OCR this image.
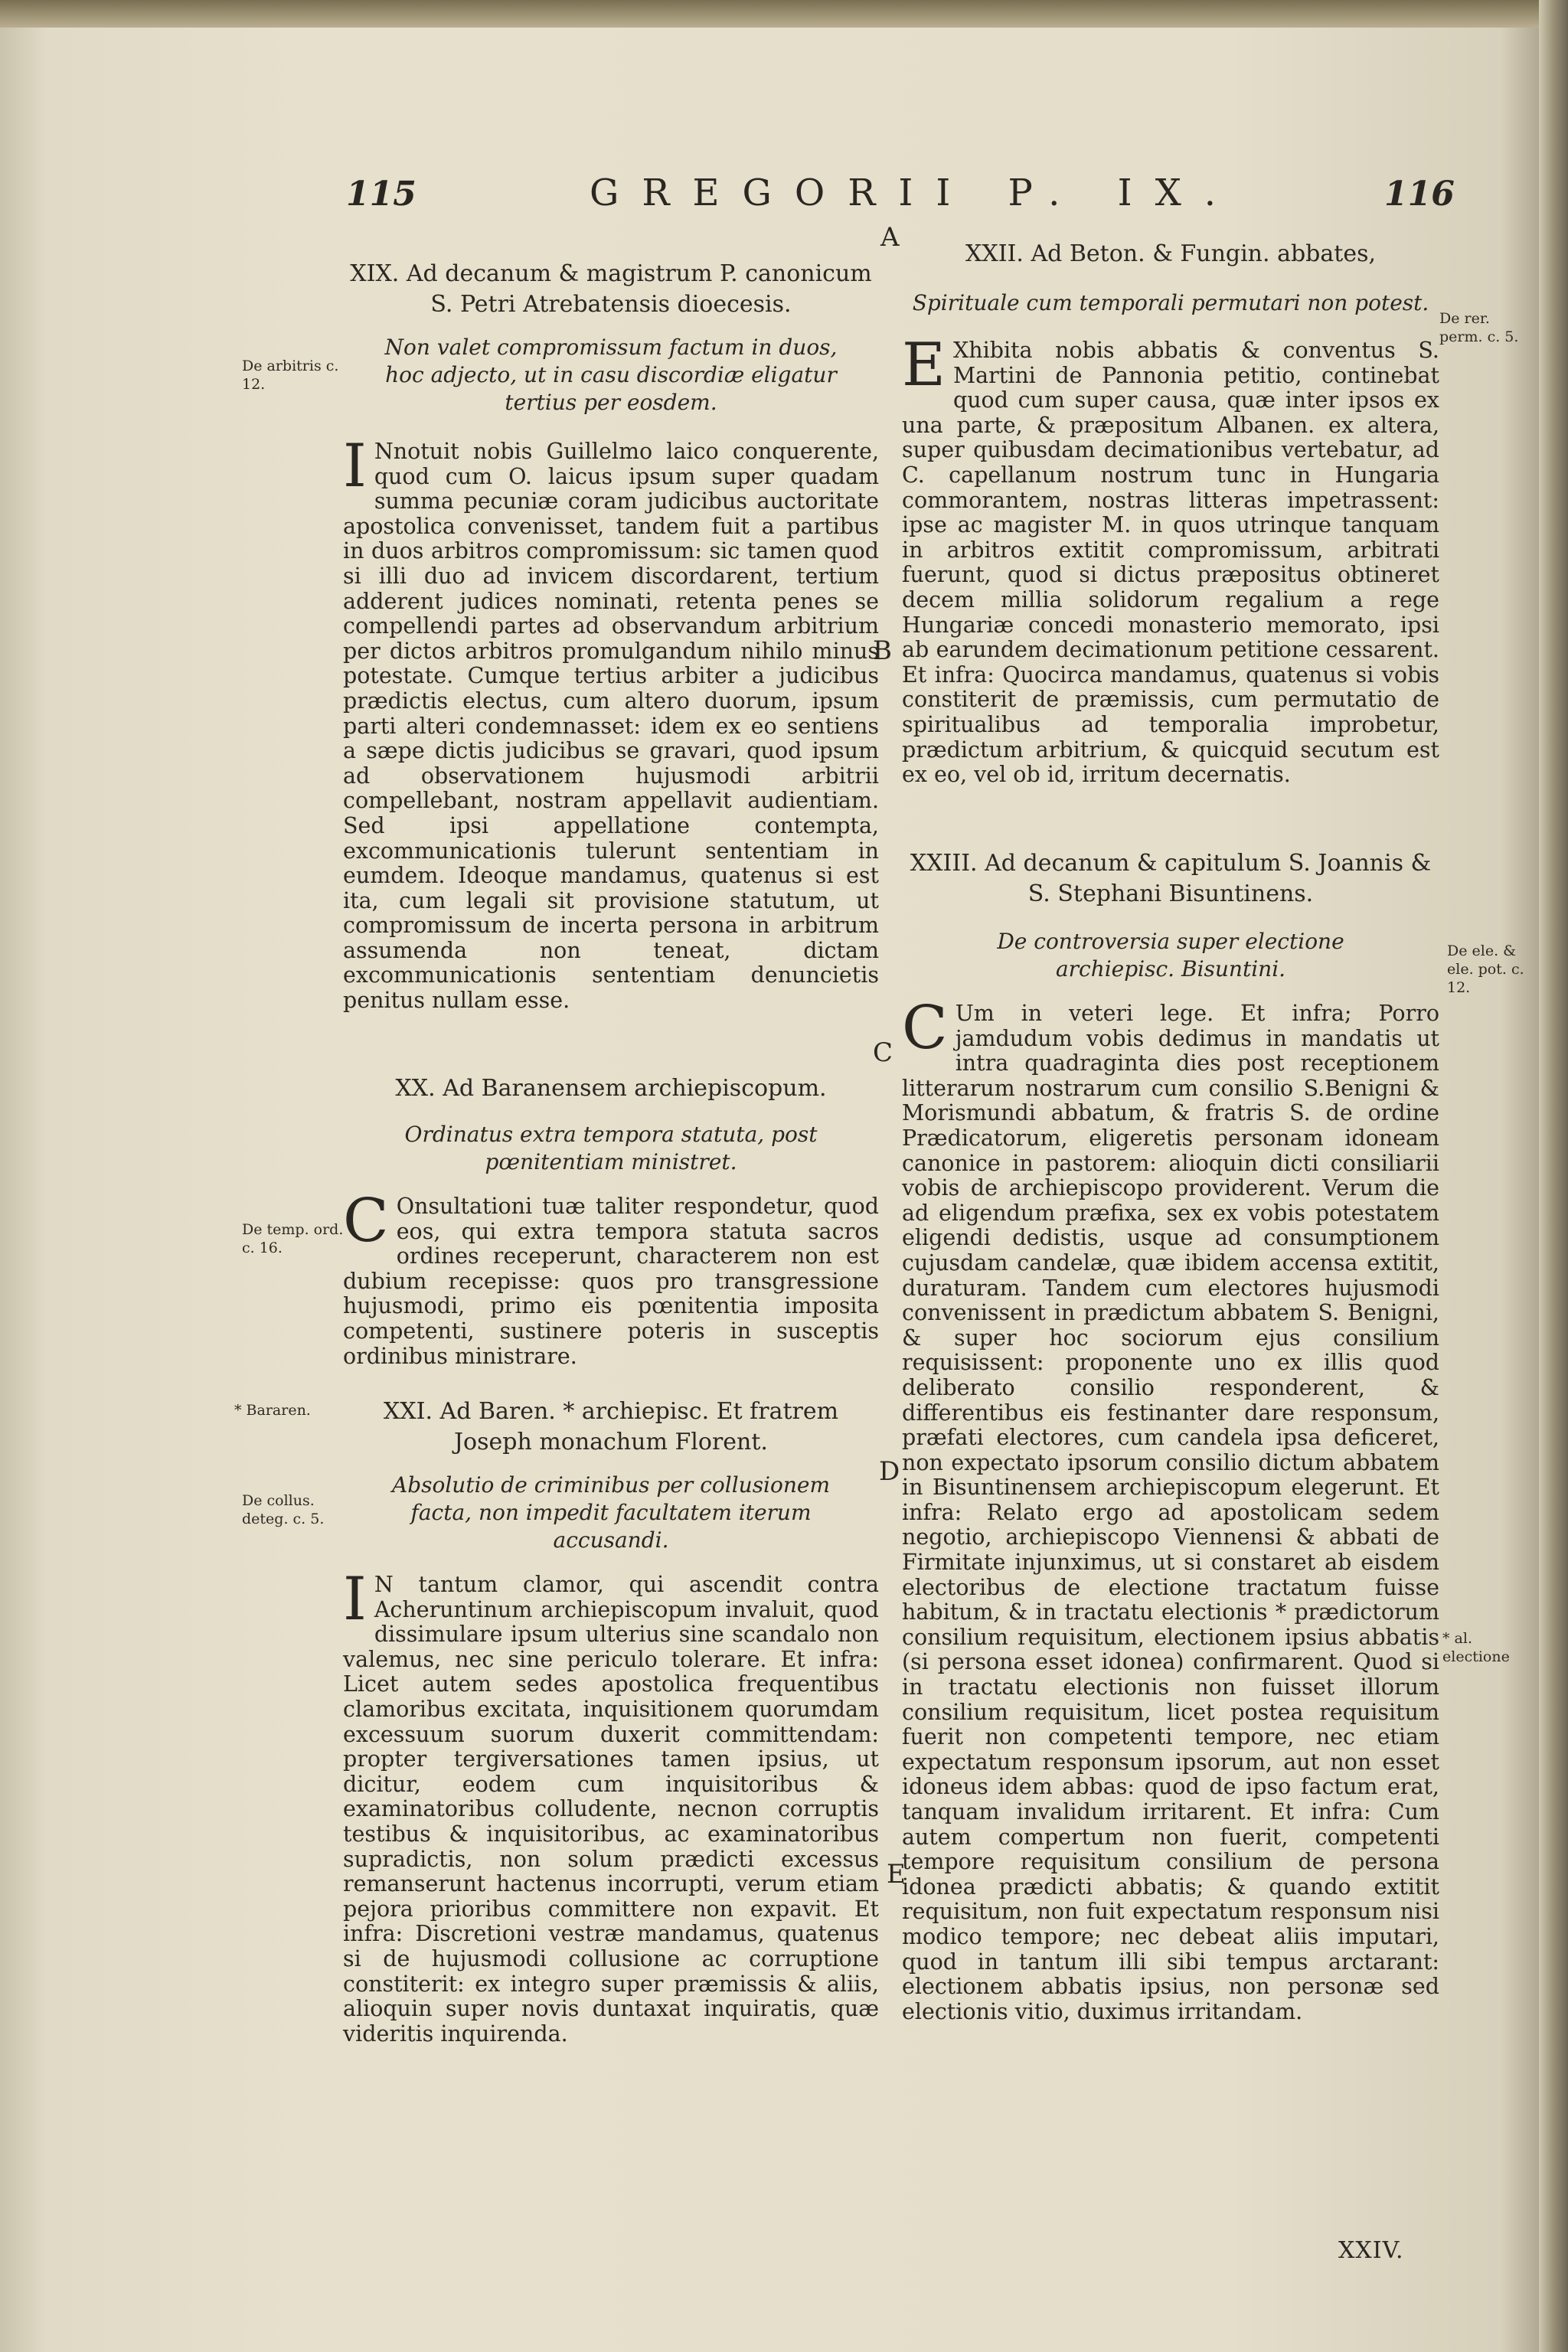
115	GREGORII P. IX.	116
A
B
C
D
E
De arbitris c. 12.
De temp. ord. c. 16.
* Bararen.
De collus. deteg. c. 5.
De rer. perm. c. 5.
De ele. & ele. pot. c. 12.
* al. electione

XIX. Ad decanum & magistrum P. canonicum S. Petri Atrebatensis dioecesis.

Non valet compromissum factum in duos, hoc adjecto, ut in casu discordiæ eligatur tertius per eosdem.

I Nnotuit nobis Guillelmo laico conquerente, quod cum O. laicus ipsum super quadam summa pecuniæ coram judicibus auctoritate apostolica convenisset, tandem fuit a partibus in duos arbitros compromissum: sic tamen quod si illi duo ad invicem discordarent, tertium adderent judices nominati, retenta penes se compellendi partes ad observandum arbitrium per dictos arbitros promulgandum nihilo minus potestate. Cumque tertius arbiter a judicibus prædictis electus, cum altero duorum, ipsum parti alteri condemnasset: idem ex eo sentiens a sæpe dictis judicibus se gravari, quod ipsum ad observationem hujusmodi arbitrii compellebant, nostram appellavit audientiam. Sed ipsi appellatione contempta, excommunicationis tulerunt sententiam in eumdem. Ideoque mandamus, quatenus si est ita, cum legali sit provisione statutum, ut compromissum de incerta persona in arbitrum assumenda non teneat, dictam excommunicationis sententiam denuncietis penitus nullam esse.

XX. Ad Baranensem archiepiscopum.

Ordinatus extra tempora statuta, post pœnitentiam ministret.

C Onsultationi tuæ taliter respondetur, quod eos, qui extra tempora statuta sacros ordines receperunt, characterem non est dubium recepisse: quos pro transgressione hujusmodi, primo eis pœnitentia imposita competenti, sustinere poteris in susceptis ordinibus ministrare.

XXI. Ad Baren. * archiepisc. Et fratrem Joseph monachum Florent.

Absolutio de criminibus per collusionem facta, non impedit facultatem iterum accusandi.

I N tantum clamor, qui ascendit contra Acheruntinum archiepiscopum invaluit, quod dissimulare ipsum ulterius sine scandalo non valemus, nec sine periculo tolerare. Et infra: Licet autem sedes apostolica frequentibus clamoribus excitata, inquisitionem quorumdam excessuum suorum duxerit committendam: propter tergiversationes tamen ipsius, ut dicitur, eodem cum inquisitoribus & examinatoribus colludente, necnon corruptis testibus & inquisitoribus, ac examinatoribus supradictis, non solum prædicti excessus remanserunt hactenus incorrupti, verum etiam pejora prioribus committere non expavit. Et infra: Discretioni vestræ mandamus, quatenus si de hujusmodi collusione ac corruptione constiterit: ex integro super præmissis & aliis, alioquin super novis duntaxat inquiratis, quæ videritis inquirenda.

XXII. Ad Beton. & Fungin. abbates,

Spirituale cum temporali permutari non potest.

E Xhibita nobis abbatis & conventus S. Martini de Pannonia petitio, continebat quod cum super causa, quæ inter ipsos ex una parte, & præpositum Albanen. ex altera, super quibusdam decimationibus vertebatur, ad C. capellanum nostrum tunc in Hungaria commorantem, nostras litteras impetrassent: ipse ac magister M. in quos utrinque tanquam in arbitros extitit compromissum, arbitrati fuerunt, quod si dictus præpositus obtineret decem millia solidorum regalium a rege Hungariæ concedi monasterio memorato, ipsi ab earundem decimationum petitione cessarent. Et infra: Quocirca mandamus, quatenus si vobis constiterit de præmissis, cum permutatio de spiritualibus ad temporalia improbetur, prædictum arbitrium, & quicquid secutum est ex eo, vel ob id, irritum decernatis.

XXIII. Ad decanum & capitulum S. Joannis & S. Stephani Bisuntinens.

De controversia super electione archiepisc. Bisuntini.

C Um in veteri lege. Et infra; Porro jamdudum vobis dedimus in mandatis ut intra quadraginta dies post receptionem litterarum nostrarum cum consilio S.Benigni & Morismundi abbatum, & fratris S. de ordine Prædicatorum, eligeretis personam idoneam canonice in pastorem: alioquin dicti consiliarii vobis de archiepiscopo providerent. Verum die ad eligendum præfixa, sex ex vobis potestatem eligendi dedistis, usque ad consumptionem cujusdam candelæ, quæ ibidem accensa extitit, duraturam. Tandem cum electores hujusmodi convenissent in prædictum abbatem S. Benigni, & super hoc sociorum ejus consilium requisissent: proponente uno ex illis quod deliberato consilio responderent, & differentibus eis festinanter dare responsum, præfati electores, cum candela ipsa deficeret, non expectato ipsorum consilio dictum abbatem in Bisuntinensem archiepiscopum elegerunt. Et infra: Relato ergo ad apostolicam sedem negotio, archiepiscopo Viennensi & abbati de Firmitate injunximus, ut si constaret ab eisdem electoribus de electione tractatum fuisse habitum, & in tractatu electionis * prædictorum consilium requisitum, electionem ipsius abbatis (si persona esset idonea) confirmarent. Quod si in tractatu electionis non fuisset illorum consilium requisitum, licet postea requisitum fuerit non competenti tempore, nec etiam expectatum responsum ipsorum, aut non esset idoneus idem abbas: quod de ipso factum erat, tanquam invalidum irritarent. Et infra: Cum autem compertum non fuerit, competenti tempore requisitum consilium de persona idonea prædicti abbatis; & quando extitit requisitum, non fuit expectatum responsum nisi modico tempore; nec debeat aliis imputari, quod in tantum illi sibi tempus arctarant: electionem abbatis ipsius, non personæ sed electionis vitio, duximus irritandam.

XXIV.
